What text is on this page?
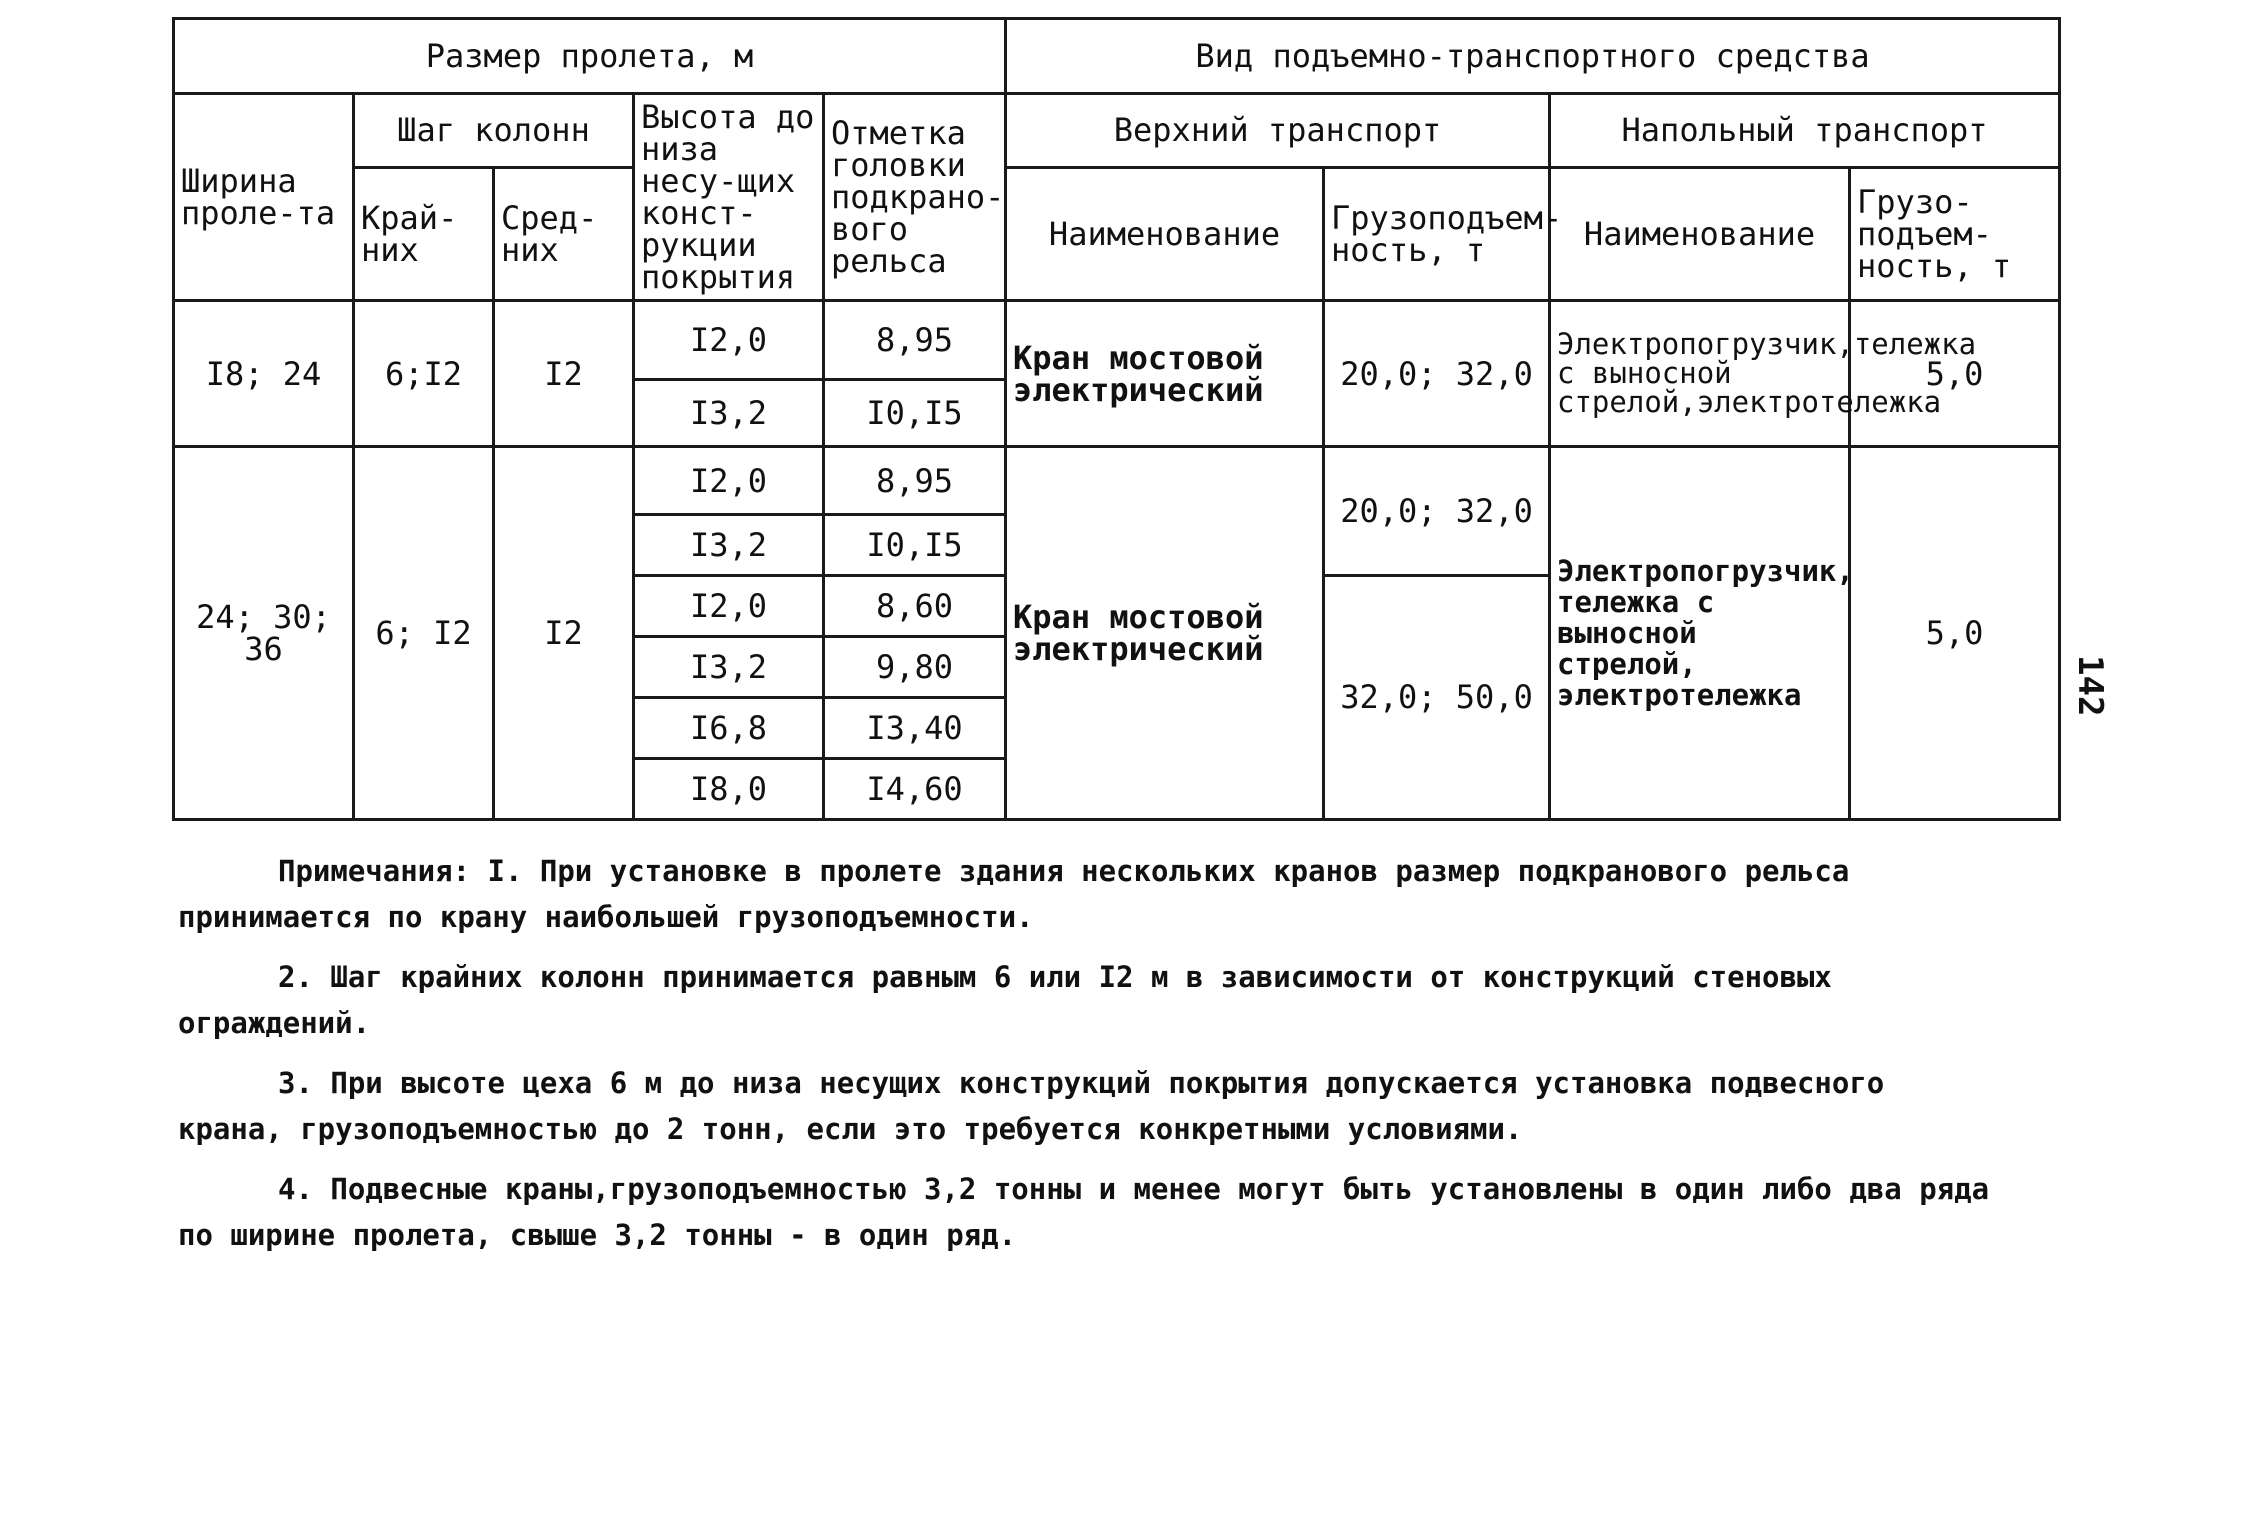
Размер пролета, м					Вид подъемно-транспортного средства			
Ширина проле-та	Шаг колонн		Высота до низа несу-щих конст-рукции покрытия	Отметка головки подкрано-вого рельса	Верхний транспорт		Напольный транспорт	
	Край-них	Сред-них			Наименование	Грузоподъем-ность, т	Наименование	Грузо-подъем-ность, т
I8; 24	6;I2	I2	I2,0	8,95	Кран мостовой электрический	20,0; 32,0	Электропогрузчик,тележка с выносной стрелой,электротележка	5,0
			I3,2	I0,I5				
24; 30; 36	6; I2	I2	I2,0	8,95	Кран мостовой электрический	20,0; 32,0	Электропогрузчик, тележка с выносной стрелой, электротележка	5,0
			I3,2	I0,I5				
			I2,0	8,60		32,0; 50,0		
			I3,2	9,80				
			I6,8	I3,40				
			I8,0	I4,60				
142

Примечания: I. При установке в пролете здания нескольких кранов размер подкранового рельса принимается по крану наибольшей грузоподъемности.

2. Шаг крайних колонн принимается равным 6 или I2 м в зависимости от конструкций стеновых ограждений.

3. При высоте цеха 6 м до низа несущих конструкций покрытия допускается установка подвесного крана, грузоподъемностью до 2 тонн, если это требуется конкретными условиями.

4. Подвесные краны,грузоподъемностью 3,2 тонны и менее могут быть установлены в один либо два ряда по ширине пролета, свыше 3,2 тонны - в один ряд.
